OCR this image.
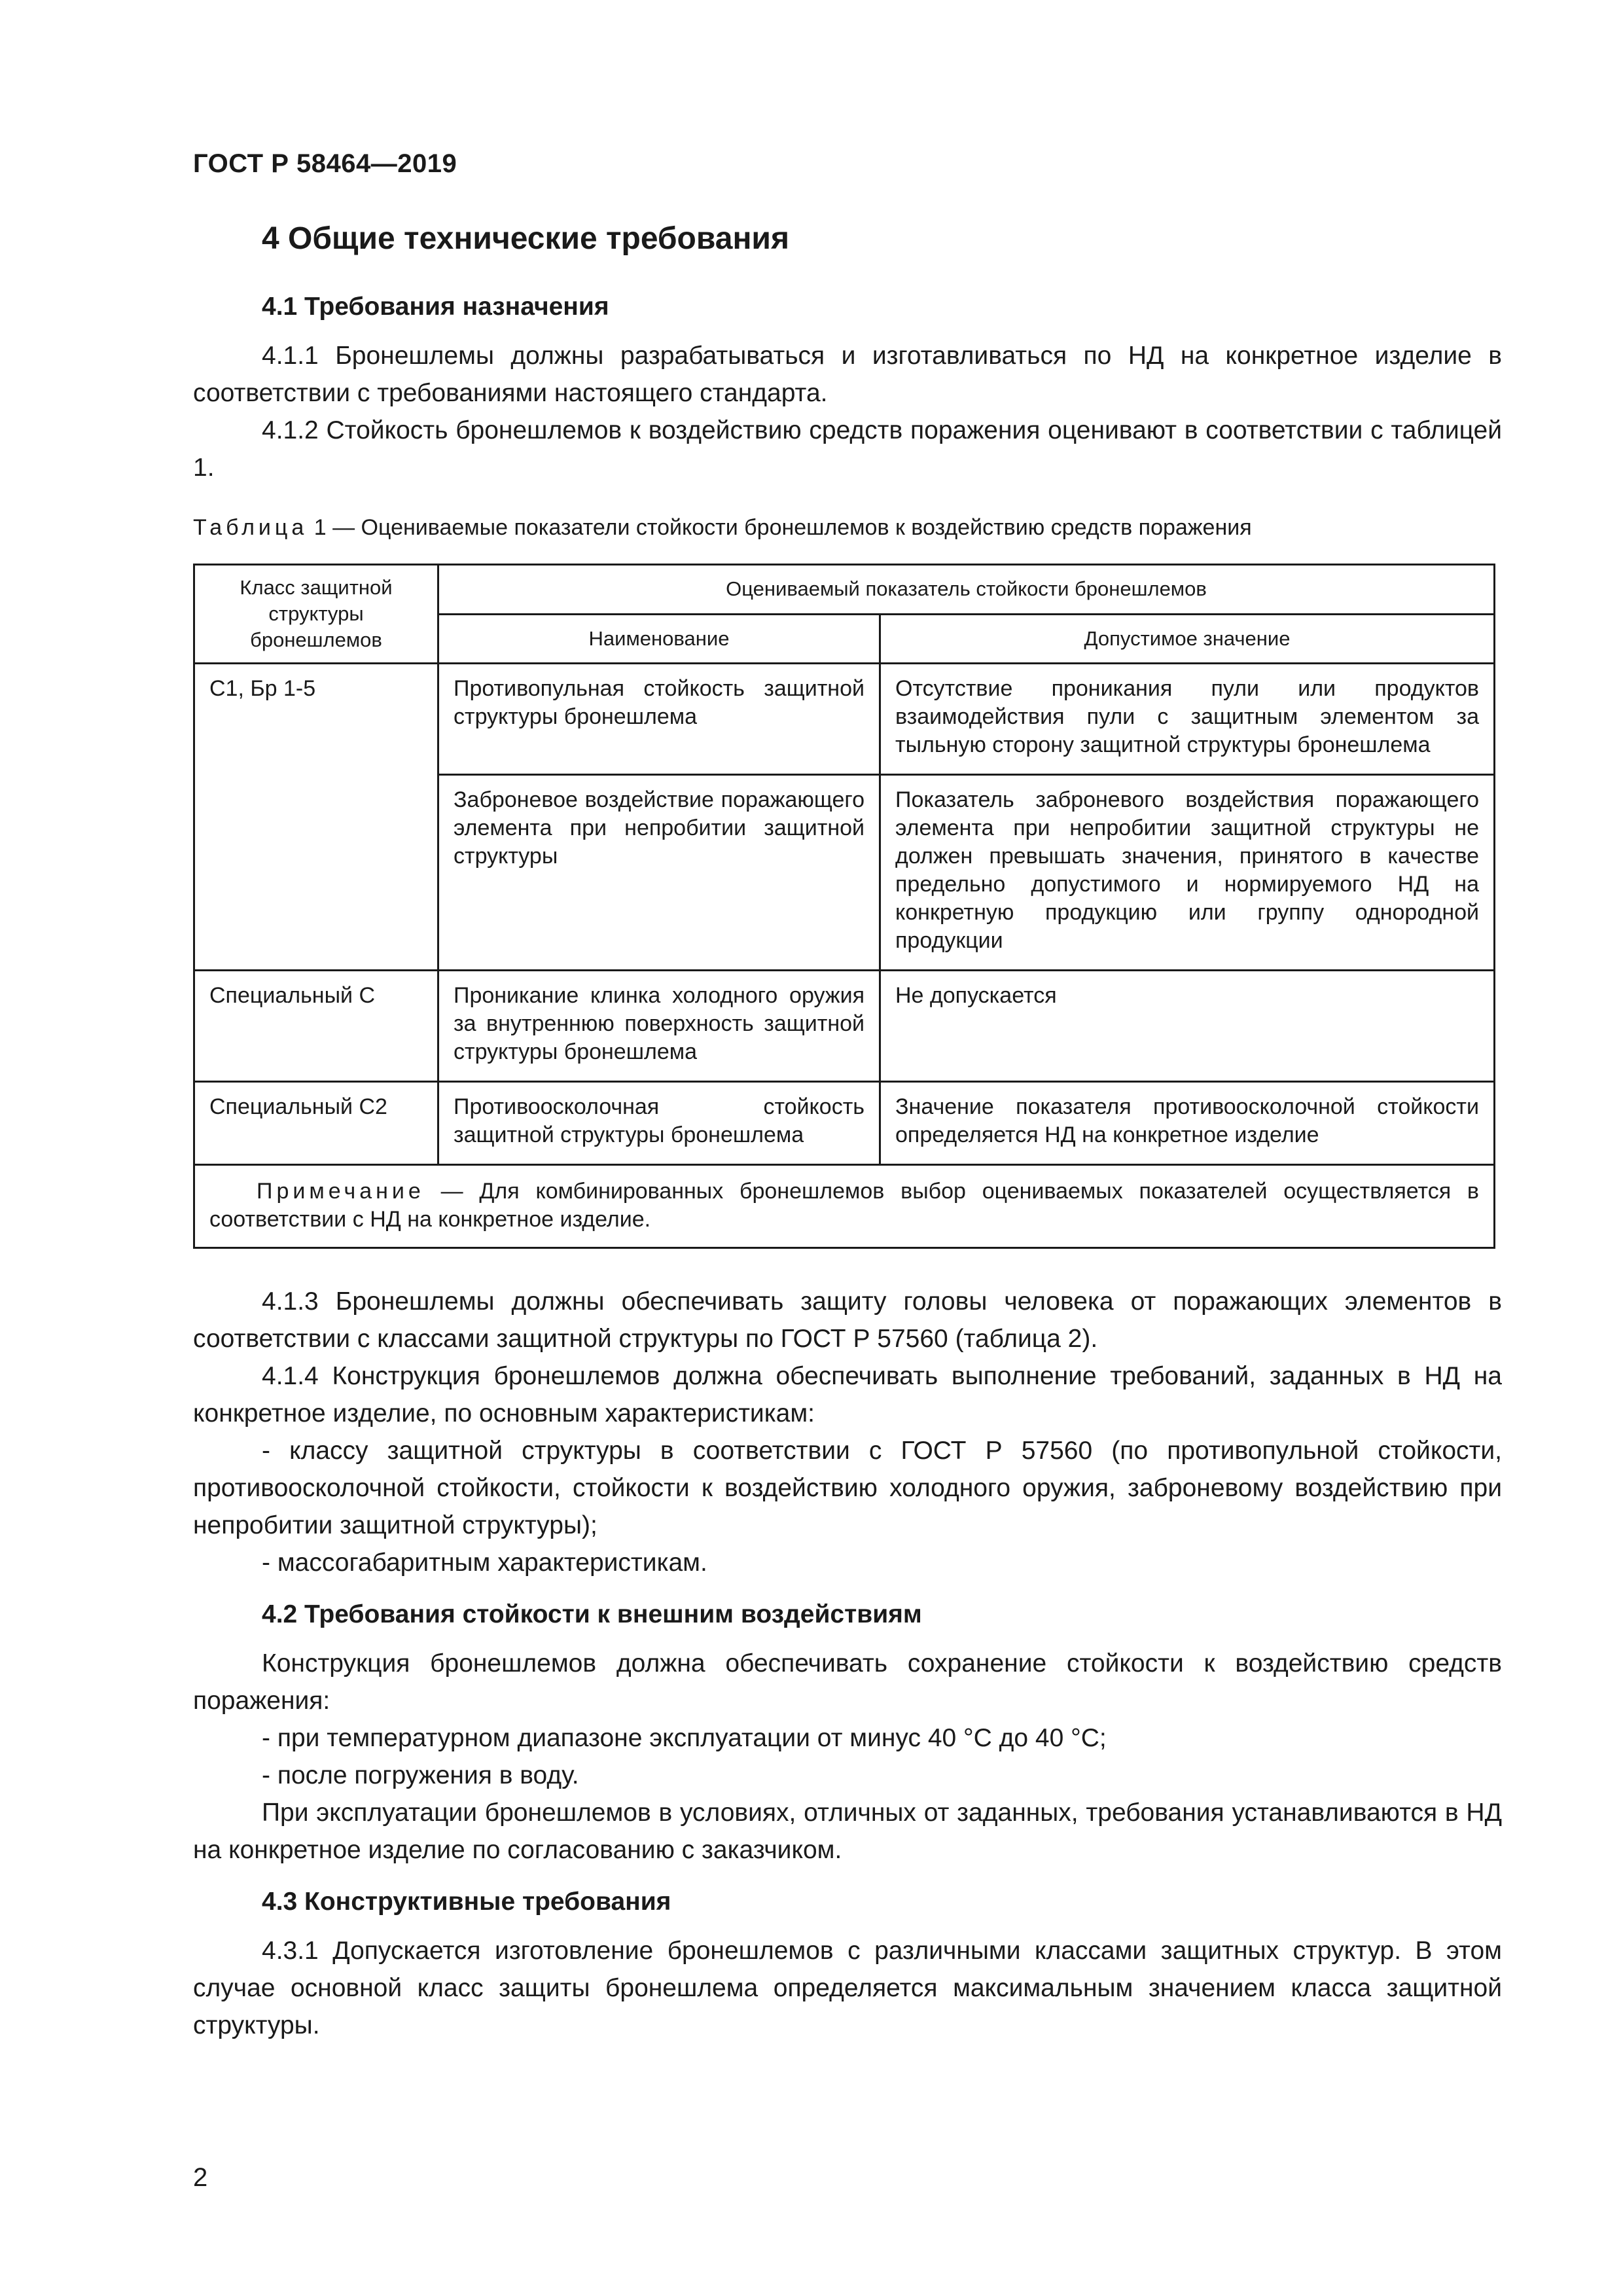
ГОСТ Р 58464—2019
4 Общие технические требования
4.1 Требования назначения

4.1.1 Бронешлемы должны разрабатываться и изготавливаться по НД на конкретное изделие в соответствии с требованиями настоящего стандарта.

4.1.2 Стойкость бронешлемов к воздействию средств поражения оценивают в соответствии с таблицей 1.

Таблица 1 — Оцениваемые показатели стойкости бронешлемов к воздействию средств поражения
Класс защитной структуры бронешлемов	Оцениваемый показатель стойкости бронешлемов	
	Наименование	Допустимое значение
С1, Бр 1-5	Противопульная стойкость защитной структуры бронешлема	Отсутствие проникания пули или продуктов взаимодействия пули с защитным элементом за тыльную сторону защитной структуры бронешлема
	Заброневое воздействие поражающего элемента при непробитии защитной структуры	Показатель заброневого воздействия поражающего элемента при непробитии защитной структуры не должен превышать значения, принятого в качестве предельно допустимого и нормируемого НД на конкретную продукцию или группу однородной продукции
Специальный С	Проникание клинка холодного оружия за внутреннюю поверхность защитной структуры бронешлема	Не допускается
Специальный С2	Противоосколочная стойкость защитной структуры бронешлема	Значение показателя противоосколочной стойкости определяется НД на конкретное изделие
Примечание — Для комбинированных бронешлемов выбор оцениваемых показателей осуществляется в соответствии с НД на конкретное изделие.		

4.1.3 Бронешлемы должны обеспечивать защиту головы человека от поражающих элементов в соответствии с классами защитной структуры по ГОСТ Р 57560 (таблица 2).

4.1.4 Конструкция бронешлемов должна обеспечивать выполнение требований, заданных в НД на конкретное изделие, по основным характеристикам:

- классу защитной структуры в соответствии с ГОСТ Р 57560 (по противопульной стойкости, противоосколочной стойкости, стойкости к воздействию холодного оружия, заброневому воздействию при непробитии защитной структуры);

- массогабаритным характеристикам.

4.2 Требования стойкости к внешним воздействиям

Конструкция бронешлемов должна обеспечивать сохранение стойкости к воздействию средств поражения:

- при температурном диапазоне эксплуатации от минус 40 °C до 40 °C;

- после погружения в воду.

При эксплуатации бронешлемов в условиях, отличных от заданных, требования устанавливаются в НД на конкретное изделие по согласованию с заказчиком.

4.3 Конструктивные требования

4.3.1 Допускается изготовление бронешлемов с различными классами защитных структур. В этом случае основной класс защиты бронешлема определяется максимальным значением класса защитной структуры.

2
